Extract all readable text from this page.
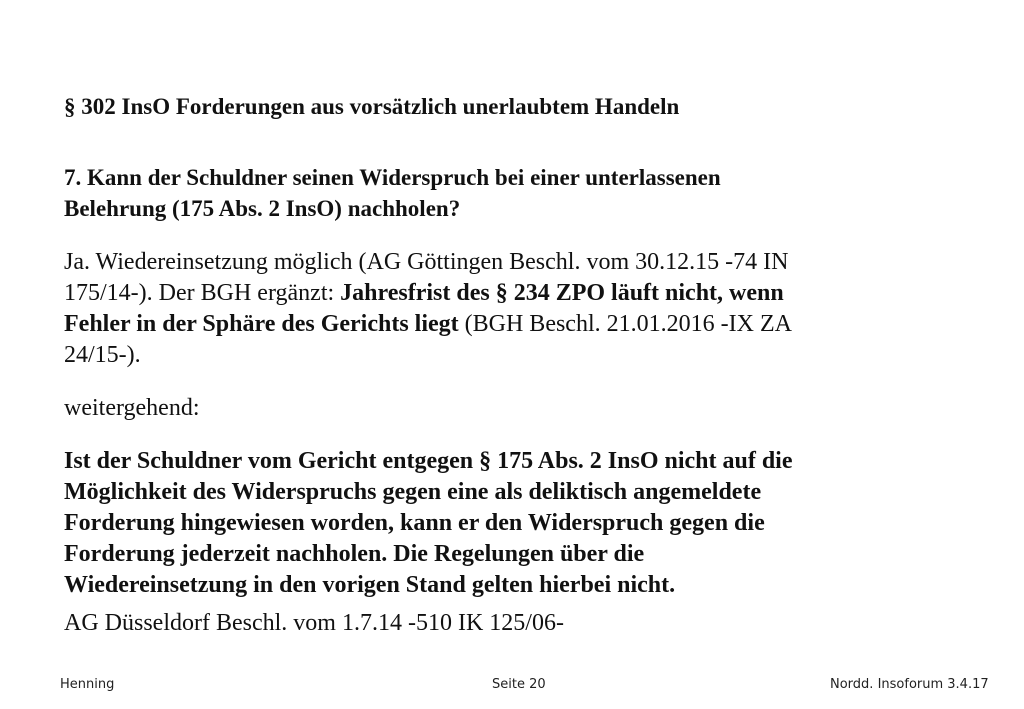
§ 302 InsO Forderungen aus vorsätzlich unerlaubtem Handeln
7. Kann der Schuldner seinen Widerspruch bei einer unterlassenen
Belehrung (175 Abs. 2 InsO) nachholen?
Ja. Wiedereinsetzung möglich (AG Göttingen Beschl. vom 30.12.15 -74 IN
175/14-). Der BGH ergänzt: Jahresfrist des § 234 ZPO läuft nicht, wenn
Fehler in der Sphäre des Gerichts liegt (BGH Beschl. 21.01.2016 -IX ZA
24/15-).
weitergehend:
Ist der Schuldner vom Gericht entgegen § 175 Abs. 2 InsO nicht auf die
Möglichkeit des Widerspruchs gegen eine als deliktisch angemeldete
Forderung hingewiesen worden, kann er den Widerspruch gegen die
Forderung jederzeit nachholen. Die Regelungen über die
Wiedereinsetzung in den vorigen Stand gelten hierbei nicht.
AG Düsseldorf Beschl. vom 1.7.14 -510 IK 125/06-
Henning	Seite 20	Nordd. Insoforum 3.4.17
